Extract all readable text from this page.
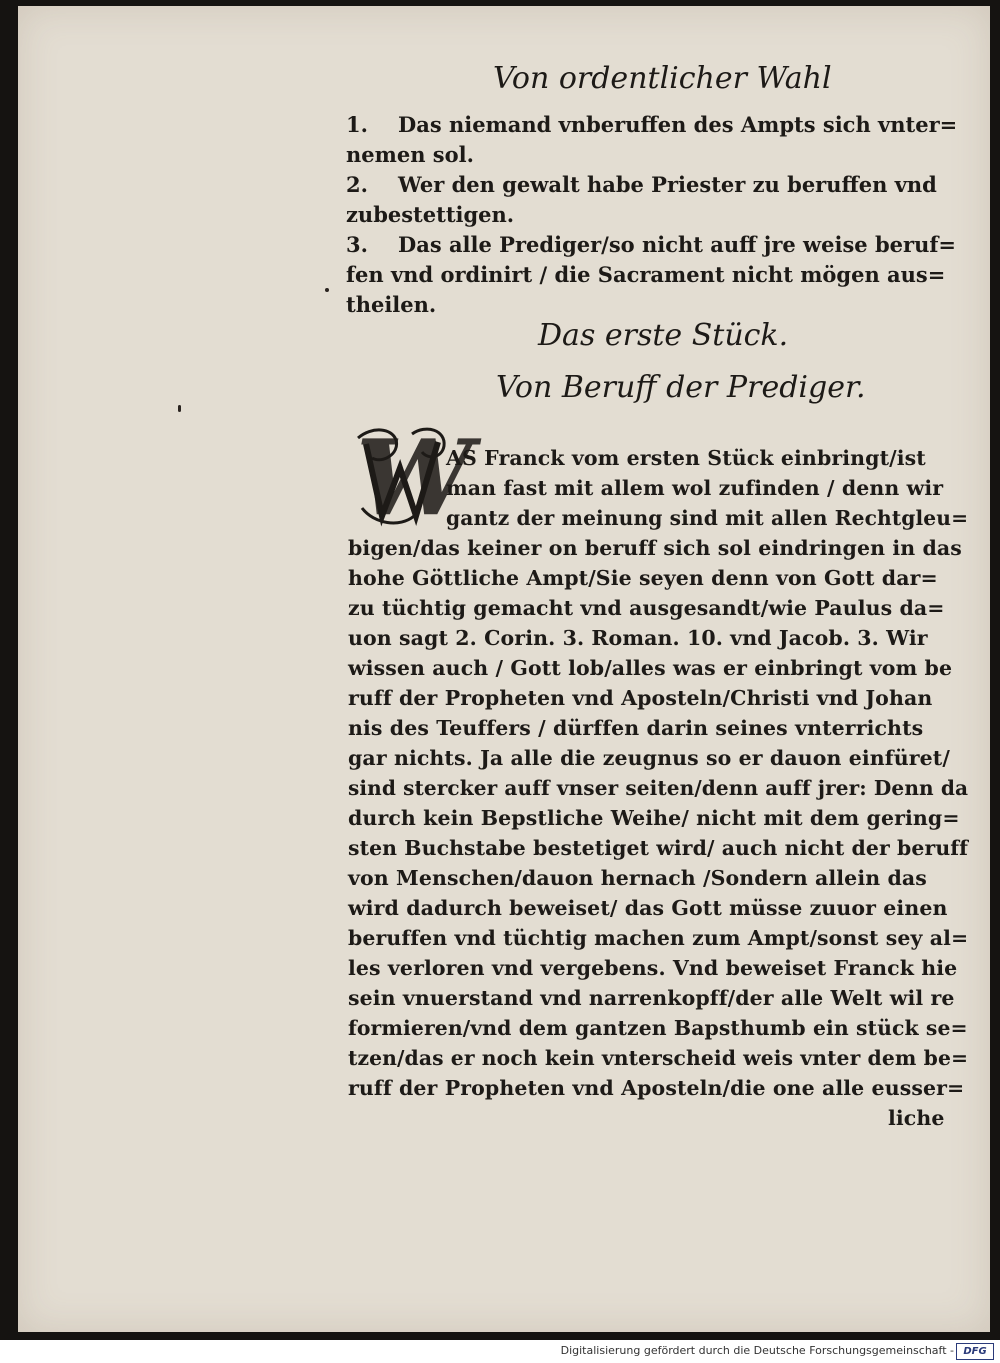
Von ordentlicher Wahl
1. Das niemand vnberuffen des Ampts sich vnter=
nemen sol.
2. Wer den gewalt habe Priester zu beruffen vnd
zubestettigen.
3. Das alle Prediger/so nicht auff jre weise beruf=
fen vnd ordinirt / die Sacrament nicht mögen aus=
theilen.
Das erste Stück.
Von Beruff der Prediger.
W
AS Franck vom ersten Stück einbringt/ist
man fast mit allem wol zufinden / denn wir
gantz der meinung sind mit allen Rechtgleu=
bigen/das keiner on beruff sich sol eindringen in das
hohe Göttliche Ampt/Sie seyen denn von Gott dar=
zu tüchtig gemacht vnd ausgesandt/wie Paulus da=
uon sagt 2. Corin. 3. Roman. 10. vnd Jacob. 3. Wir
wissen auch / Gott lob/alles was er einbringt vom be
ruff der Propheten vnd Aposteln/Christi vnd Johan
nis des Teuffers / dürffen darin seines vnterrichts
gar nichts. Ja alle die zeugnus so er dauon einfüret/
sind stercker auff vnser seiten/denn auff jrer: Denn da
durch kein Bepstliche Weihe/ nicht mit dem gering=
sten Buchstabe bestetiget wird/ auch nicht der beruff
von Menschen/dauon hernach /Sondern allein das
wird dadurch beweiset/ das Gott müsse zuuor einen
beruffen vnd tüchtig machen zum Ampt/sonst sey al=
les verloren vnd vergebens. Vnd beweiset Franck hie
sein vnuerstand vnd narrenkopff/der alle Welt wil re
formieren/vnd dem gantzen Bapsthumb ein stück se=
tzen/das er noch kein vnterscheid weis vnter dem be=
ruff der Propheten vnd Aposteln/die one alle eusser=
liche
Digitalisierung gefördert durch die Deutsche Forschungsgemeinschaft - DFG
